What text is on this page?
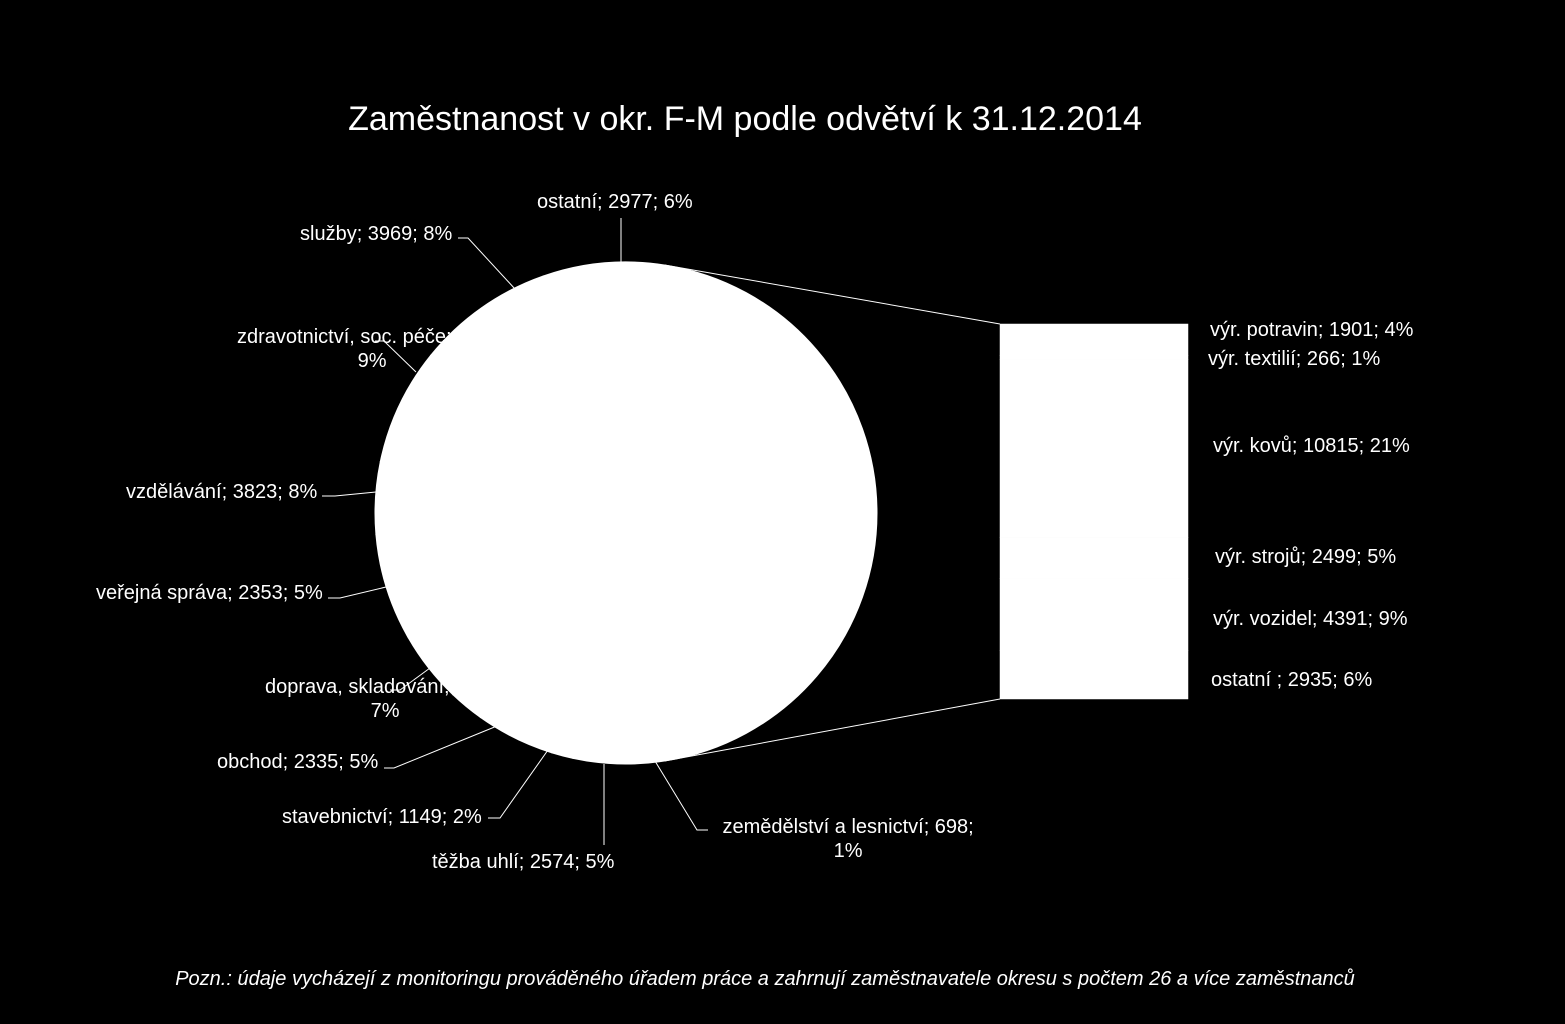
Zaměstnanost v okr. F-M podle odvětví k 31.12.2014
ostatní; 2977; 6%
zemědělství a lesnictví; 698;
1%
těžba uhlí; 2574; 5%
stavebnictví; 1149; 2%
obchod; 2335; 5%
doprava, skladování; 3502;
7%
veřejná správa; 2353; 5%
vzdělávání; 3823; 8%
zdravotnictví, soc. péče; 4478;
9%
služby; 3969; 8%
výr. potravin; 1901; 4%
výr. textilií; 266; 1%
výr. kovů; 10815; 21%
výr. strojů; 2499; 5%
výr. vozidel; 4391; 9%
ostatní ; 2935; 6%
Pozn.: údaje vycházejí z monitoringu prováděného úřadem práce a zahrnují zaměstnavatele okresu s počtem 26 a více zaměstnanců
